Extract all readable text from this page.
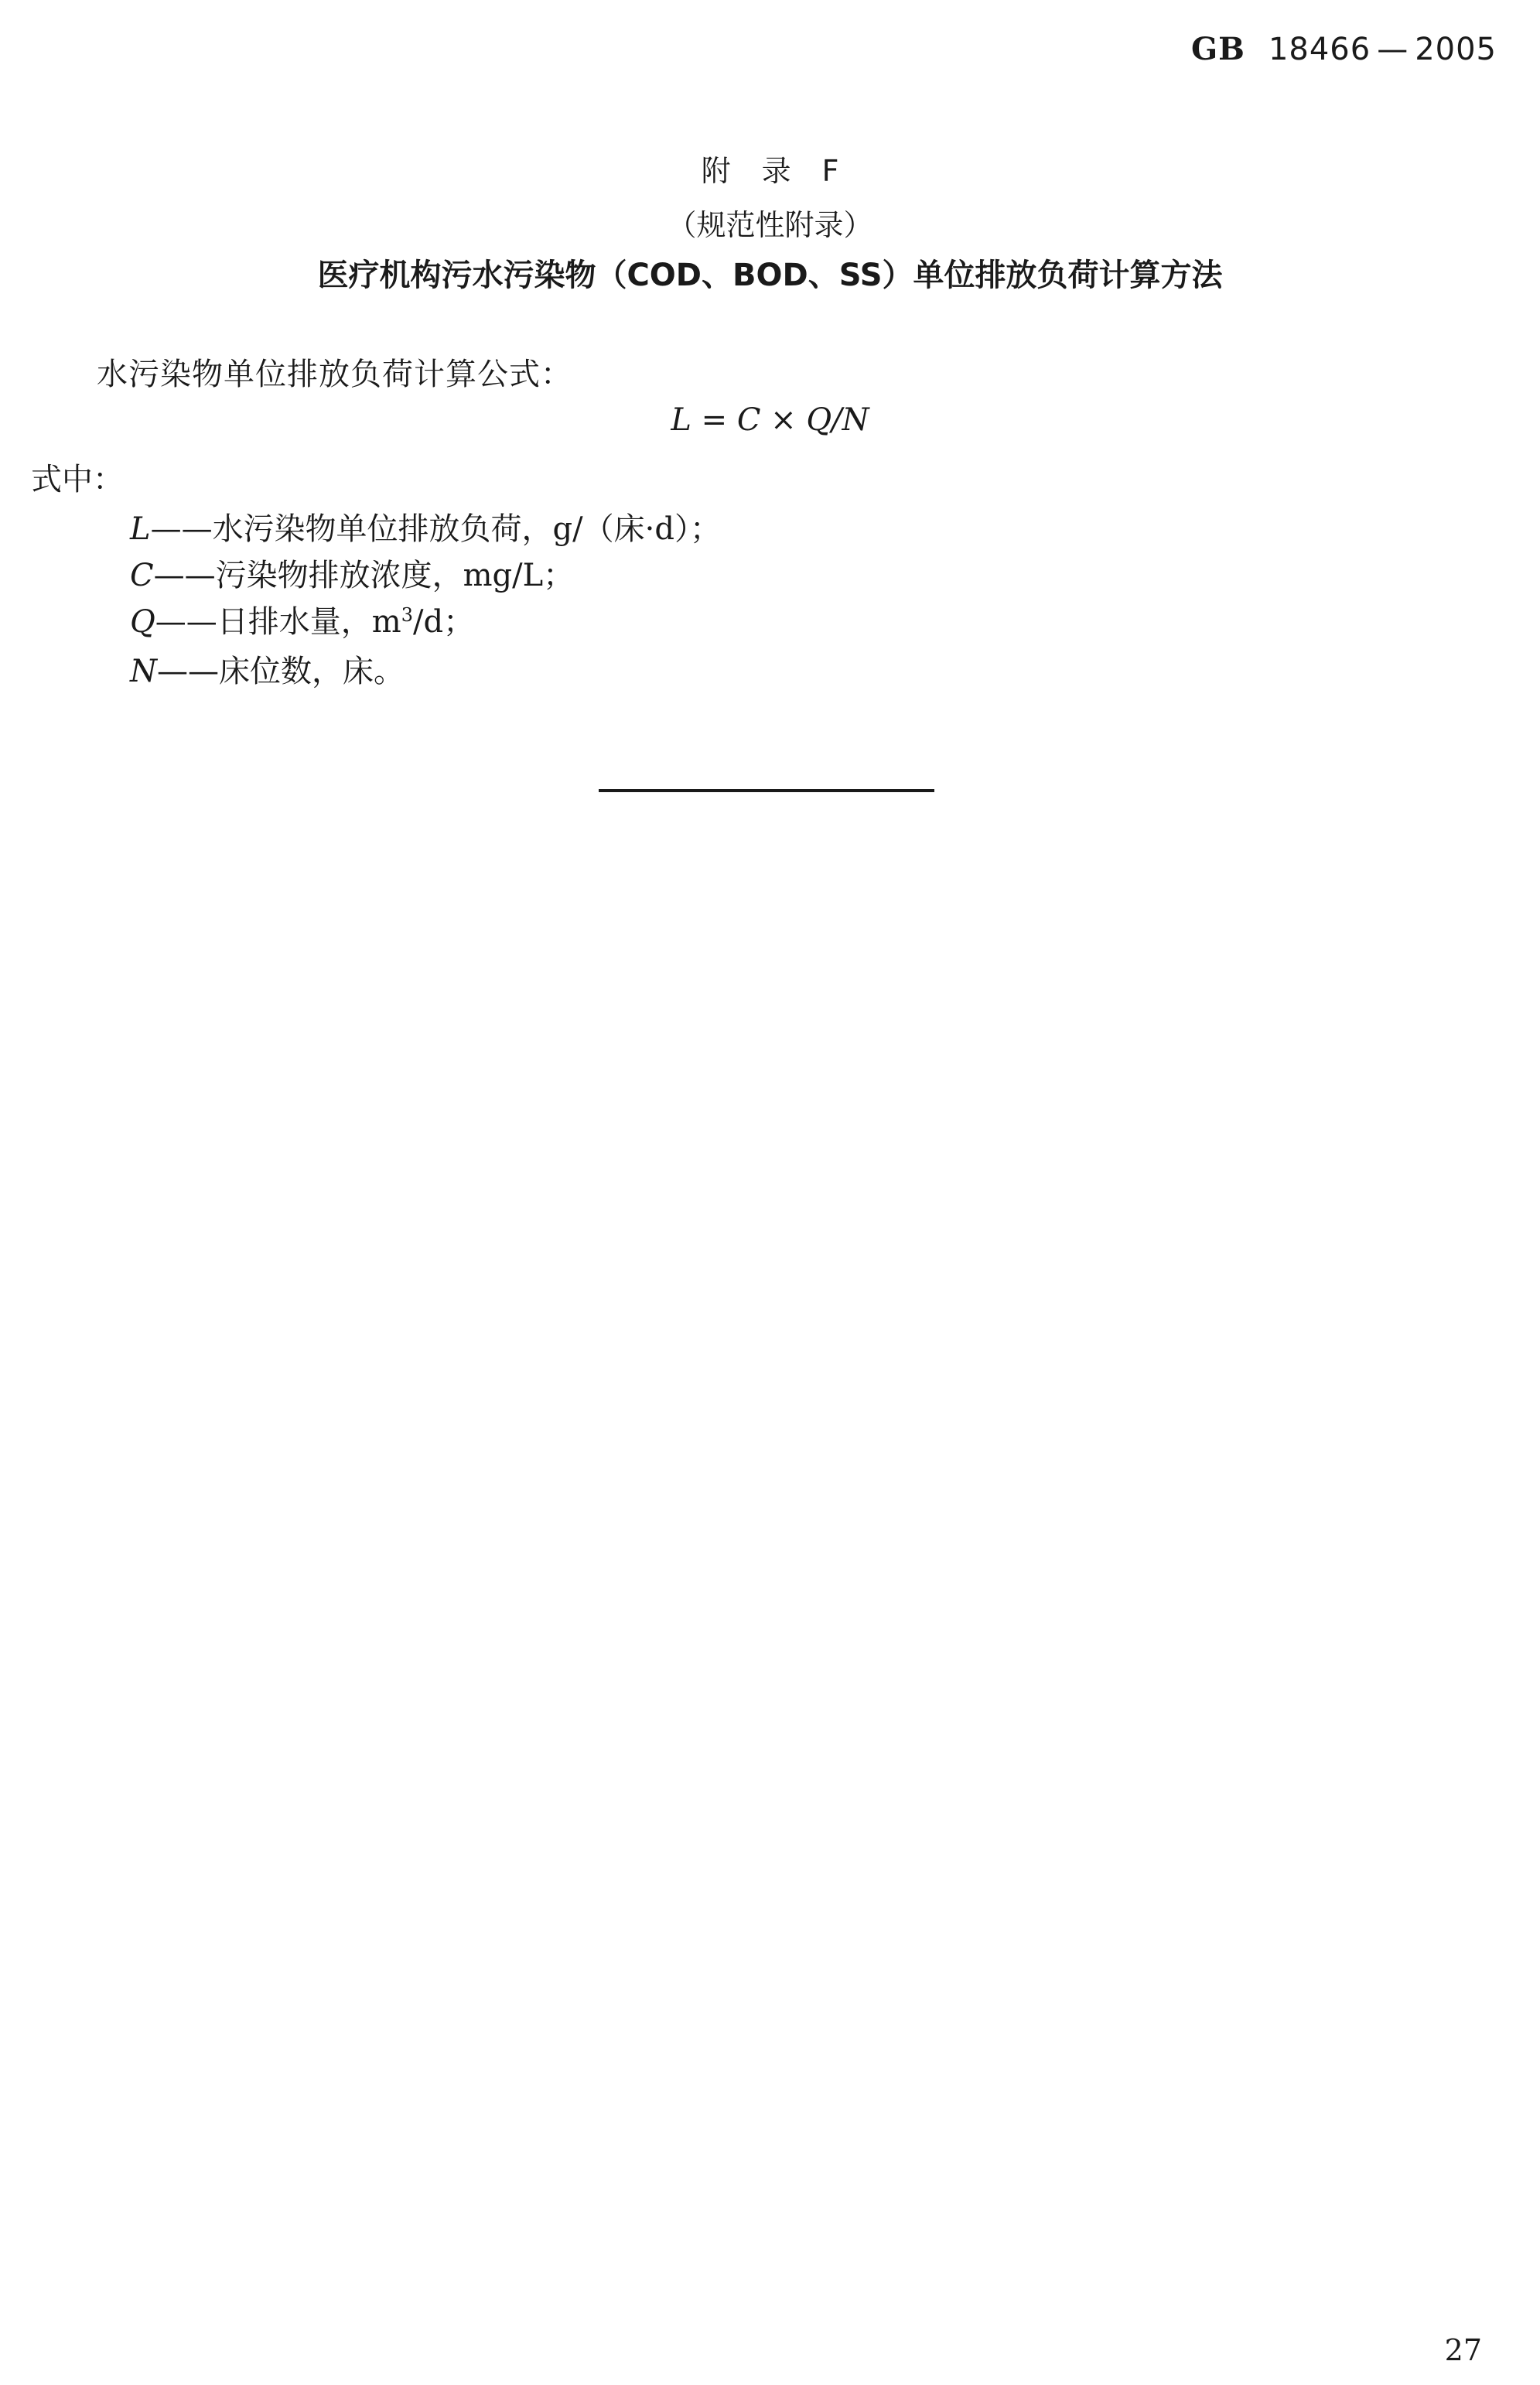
GB 18466 — 2005
附录F
（规范性附录）
医疗机构污水污染物（COD、BOD、SS）单位排放负荷计算方法
水污染物单位排放负荷计算公式：
L = C × Q/N
式中：
L——水污染物单位排放负荷，g/（床·d）；
C——污染物排放浓度，mg/L；
Q——日排水量，$m^3/d$；
N——床位数，床。
27
